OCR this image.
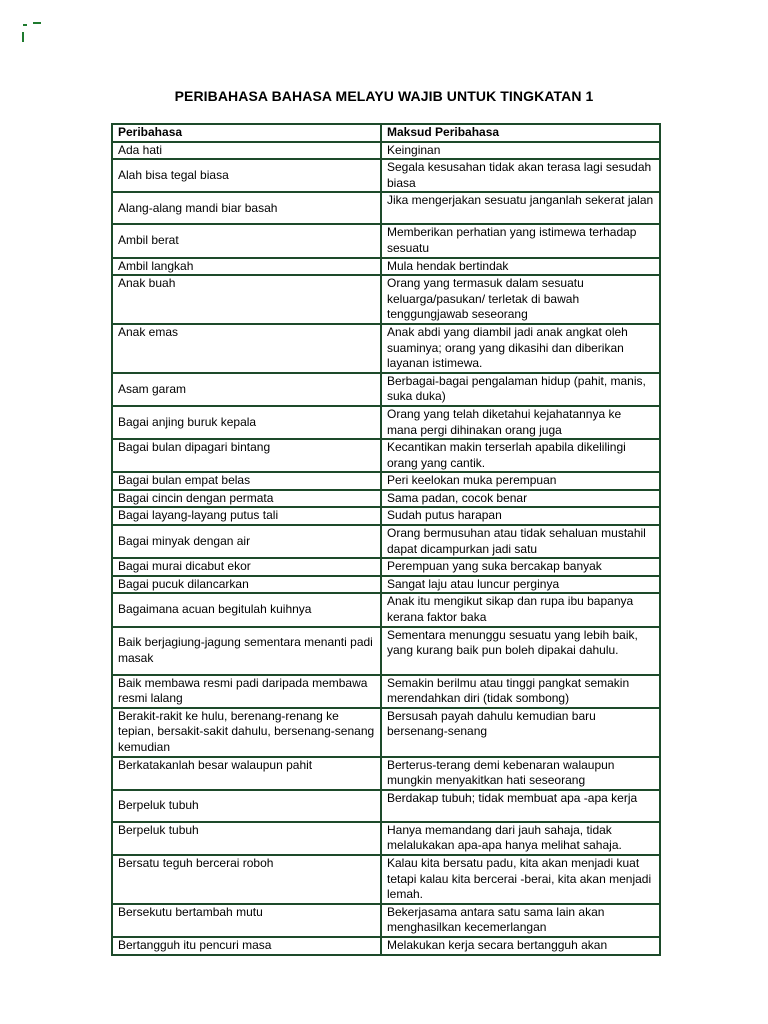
PERIBAHASA BAHASA MELAYU WAJIB UNTUK TINGKATAN 1
Peribahasa	Maksud Peribahasa
Ada hati	Keinginan
Alah bisa tegal biasa	Segala kesusahan tidak akan terasa lagi sesudah biasa
Alang-alang mandi biar basah	Jika mengerjakan sesuatu janganlah sekerat jalan
Ambil berat	Memberikan perhatian yang istimewa terhadap sesuatu
Ambil langkah	Mula hendak bertindak
Anak buah	Orang yang termasuk dalam sesuatu keluarga/pasukan/ terletak di bawah tenggungjawab seseorang
Anak emas	Anak abdi yang diambil jadi anak angkat oleh suaminya; orang yang dikasihi dan diberikan layanan istimewa.
Asam garam	Berbagai-bagai pengalaman hidup (pahit, manis, suka duka)
Bagai anjing buruk kepala	Orang yang telah diketahui kejahatannya ke mana pergi dihinakan orang juga
Bagai bulan dipagari bintang	Kecantikan makin terserlah apabila dikelilingi orang yang cantik.
Bagai bulan empat belas	Peri keelokan muka perempuan
Bagai cincin dengan permata	Sama padan, cocok benar
Bagai layang-layang putus tali	Sudah putus harapan
Bagai minyak dengan air	Orang bermusuhan atau tidak sehaluan mustahil dapat dicampurkan jadi satu
Bagai murai dicabut ekor	Perempuan yang suka bercakap banyak
Bagai pucuk dilancarkan	Sangat laju atau luncur perginya
Bagaimana acuan begitulah kuihnya	Anak itu mengikut sikap dan rupa ibu bapanya kerana faktor baka
Baik berjagiung-jagung sementara menanti padi masak	Sementara menunggu sesuatu yang lebih baik, yang kurang baik pun boleh dipakai dahulu.
Baik membawa resmi padi daripada membawa resmi lalang	Semakin berilmu atau tinggi pangkat semakin merendahkan diri (tidak sombong)
Berakit-rakit ke hulu, berenang-renang ke tepian, bersakit-sakit dahulu, bersenang-senang kemudian	Bersusah payah dahulu kemudian baru bersenang-senang
Berkatakanlah besar walaupun pahit	Berterus-terang demi kebenaran walaupun mungkin menyakitkan hati seseorang
Berpeluk tubuh	Berdakap tubuh; tidak membuat apa -apa kerja
Berpeluk tubuh	Hanya memandang dari jauh sahaja, tidak melalukakan apa-apa hanya melihat sahaja.
Bersatu teguh bercerai roboh	Kalau kita bersatu padu, kita akan menjadi kuat tetapi kalau kita bercerai -berai, kita akan menjadi lemah.
Bersekutu bertambah mutu	Bekerjasama antara satu sama lain akan menghasilkan kecemerlangan
Bertangguh itu pencuri masa	Melakukan kerja secara bertangguh akan
